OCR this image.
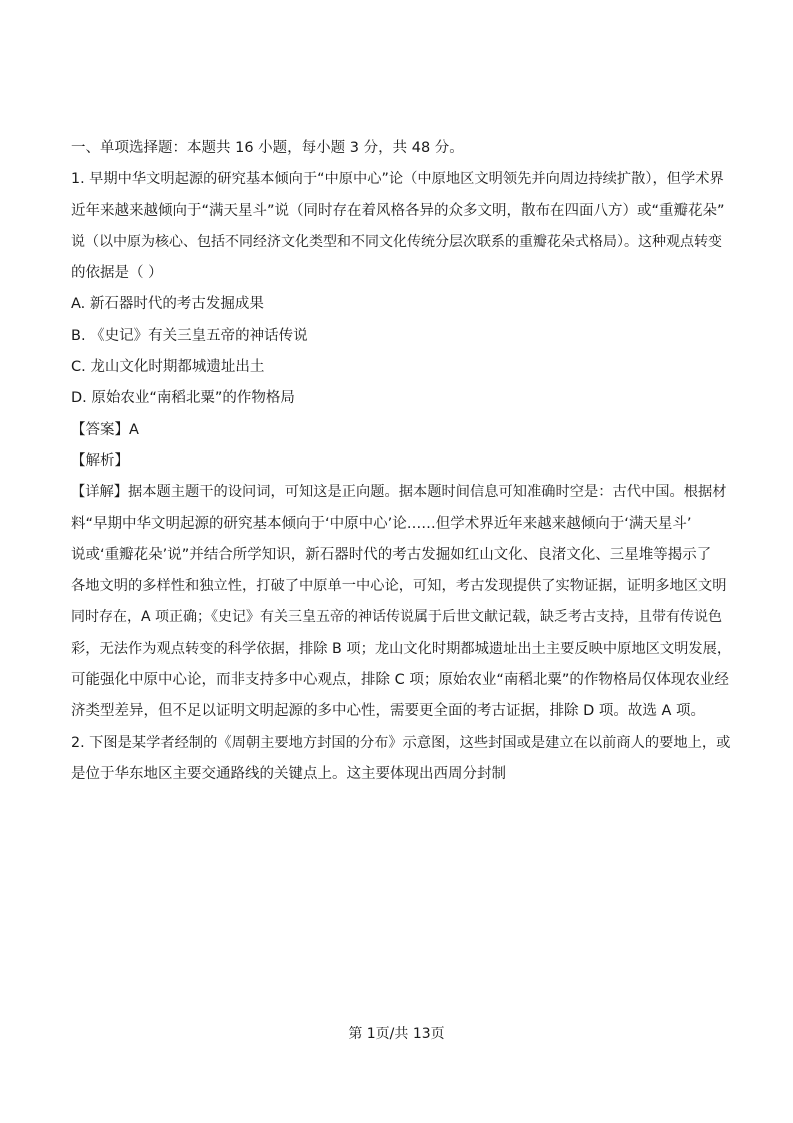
一、单项选择题：本题共 16 小题，每小题 3 分，共 48 分。
1. 早期中华文明起源的研究基本倾向于“中原中心”论（中原地区文明领先并向周边持续扩散），但学术界
近年来越来越倾向于“满天星斗”说（同时存在着风格各异的众多文明，散布在四面八方）或“重瓣花朵”
说（以中原为核心、包括不同经济文化类型和不同文化传统分层次联系的重瓣花朵式格局）。这种观点转变
的依据是（ ）
A. 新石器时代的考古发掘成果
B. 《史记》有关三皇五帝的神话传说
C. 龙山文化时期都城遗址出土
D. 原始农业“南稻北粟”的作物格局
【答案】A
【解析】
【详解】据本题主题干的设问词，可知这是正向题。据本题时间信息可知准确时空是：古代中国。根据材
料“早期中华文明起源的研究基本倾向于‘中原中心’论……但学术界近年来越来越倾向于‘满天星斗’
说或‘重瓣花朵’说”并结合所学知识，新石器时代的考古发掘如红山文化、良渚文化、三星堆等揭示了
各地文明的多样性和独立性，打破了中原单一中心论，可知，考古发现提供了实物证据，证明多地区文明
同时存在，A 项正确；《史记》有关三皇五帝的神话传说属于后世文献记载，缺乏考古支持，且带有传说色
彩，无法作为观点转变的科学依据，排除 B 项；龙山文化时期都城遗址出土主要反映中原地区文明发展，
可能强化中原中心论，而非支持多中心观点，排除 C 项；原始农业“南稻北粟”的作物格局仅体现农业经
济类型差异，但不足以证明文明起源的多中心性，需要更全面的考古证据，排除 D 项。故选 A 项。
2. 下图是某学者经制的《周朝主要地方封国的分布》示意图，这些封国或是建立在以前商人的要地上，或
是位于华东地区主要交通路线的关键点上。这主要体现出西周分封制
第 1页/共 13页
